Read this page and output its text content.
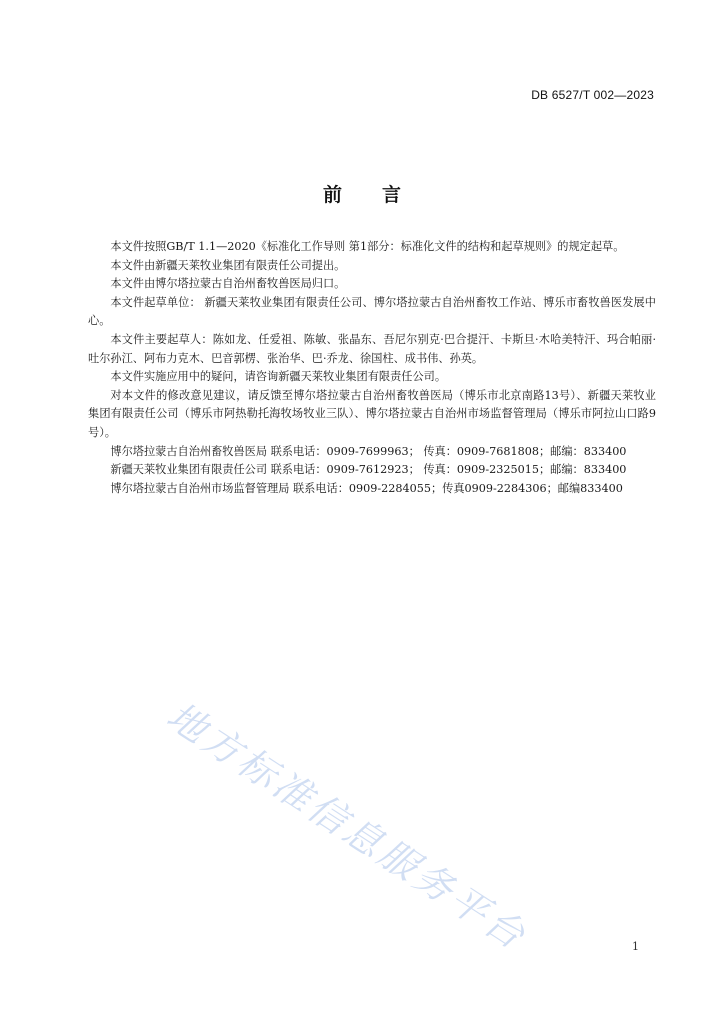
DB 6527/T 002—2023
前言

本文件按照GB/T 1.1—2020《标准化工作导则 第1部分：标准化文件的结构和起草规则》的规定起草。

本文件由新疆天莱牧业集团有限责任公司提出。

本文件由博尔塔拉蒙古自治州畜牧兽医局归口。

本文件起草单位： 新疆天莱牧业集团有限责任公司、博尔塔拉蒙古自治州畜牧工作站、博乐市畜牧兽医发展中心。

本文件主要起草人：陈如龙、任爱祖、陈敏、张晶东、吾尼尔别克·巴合提汗、卡斯旦·木哈美特汗、玛合帕丽·吐尔孙江、阿布力克木、巴音郭楞、张治华、巴·乔龙、徐国柱、成书伟、孙英。

本文件实施应用中的疑问，请咨询新疆天莱牧业集团有限责任公司。

对本文件的修改意见建议，请反馈至博尔塔拉蒙古自治州畜牧兽医局（博乐市北京南路13号）、新疆天莱牧业集团有限责任公司（博乐市阿热勒托海牧场牧业三队）、博尔塔拉蒙古自治州市场监督管理局（博乐市阿拉山口路9号）。

博尔塔拉蒙古自治州畜牧兽医局 联系电话：0909-7699963； 传真：0909-7681808；邮编：833400

新疆天莱牧业集团有限责任公司 联系电话：0909-7612923； 传真：0909-2325015；邮编：833400

博尔塔拉蒙古自治州市场监督管理局 联系电话：0909-2284055；传真0909-2284306；邮编833400

地方标准信息服务平台	1
